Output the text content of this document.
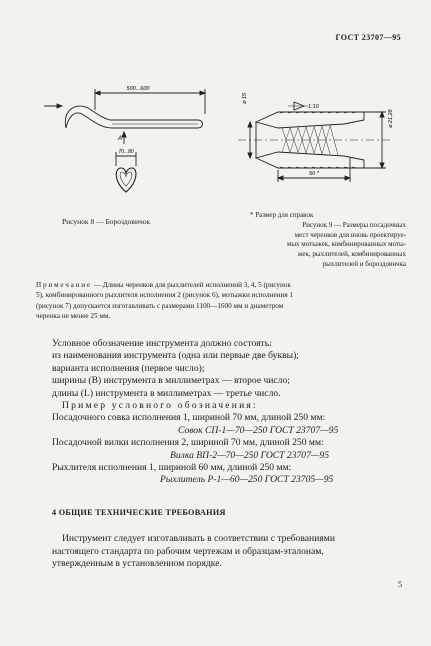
ГОСТ 23707—95
500...600
70...80
А
⌀ 15
1:10
⌀ 21,28
50 *
Рисунок 8 — Бороздовичок
* Размер для справок
Рисунок 9 — Размеры посадочных
мест черенков для вновь проектируе-
мых мотыжек, комбинированных моты-
жек, рыхлителей, комбинированных
рыхлителей и бороздовичка
Примечание — Длины черенков для рыхлителей исполнений 3, 4, 5 (рисунок
5), комбинированного рыхлителя исполнения 2 (рисунок 6), мотыжки исполнения 1
(рисунок 7) допускается изготавливать с размерами 1100—1600 мм и диаметром
черенка не менее 25 мм.
Условное обозначение инструмента должно состоять:
из наименования инструмента (одна или первые две буквы);
варианта исполнения (первое число);
ширины (В) инструмента в миллиметрах — второе число;
длины (L) инструмента в миллиметрах — третье число.
Пример условного обозначения:
Посадочного совка исполнения 1, шириной 70 мм, длиной 250 мм:
Совок СП-1—70—250 ГОСТ 23707—95
Посадочной вилки исполнения 2, шириной 70 мм, длиной 250 мм:
Вилка ВП-2—70—250 ГОСТ 23707—95
Рыхлителя исполнения 1, шириной 60 мм, длиной 250 мм:
Рыхлитель Р-1—60—250 ГОСТ 23705—95
4 ОБЩИЕ ТЕХНИЧЕСКИЕ ТРЕБОВАНИЯ
Инструмент следует изготавливать в соответствии с требованиями
настоящего стандарта по рабочим чертежам и образцам-эталонам,
утвержденным в установленном порядке.
5
